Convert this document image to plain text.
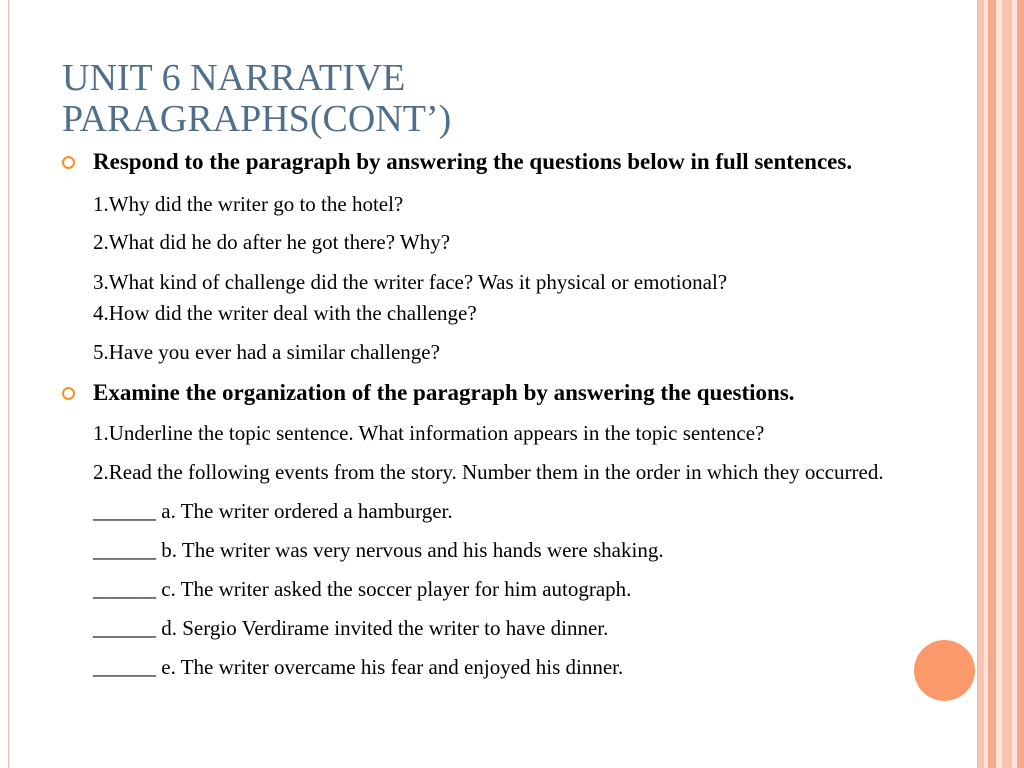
UNIT 6 NARRATIVE
PARAGRAPHS(CONT’)

Respond to the paragraph by answering the questions below in full sentences.

1.Why did the writer go to the hotel?

2.What did he do after he got there? Why?

3.What kind of challenge did the writer face? Was it physical or emotional?

4.How did the writer deal with the challenge?

5.Have you ever had a similar challenge?

Examine the organization of the paragraph by answering the questions.

1.Underline the topic sentence. What information appears in the topic sentence?

2.Read the following events from the story. Number them in the order in which they occurred.

______ a. The writer ordered a hamburger.

______ b. The writer was very nervous and his hands were shaking.

______ c. The writer asked the soccer player for him autograph.

______ d. Sergio Verdirame invited the writer to have dinner.

______ e. The writer overcame his fear and enjoyed his dinner.
